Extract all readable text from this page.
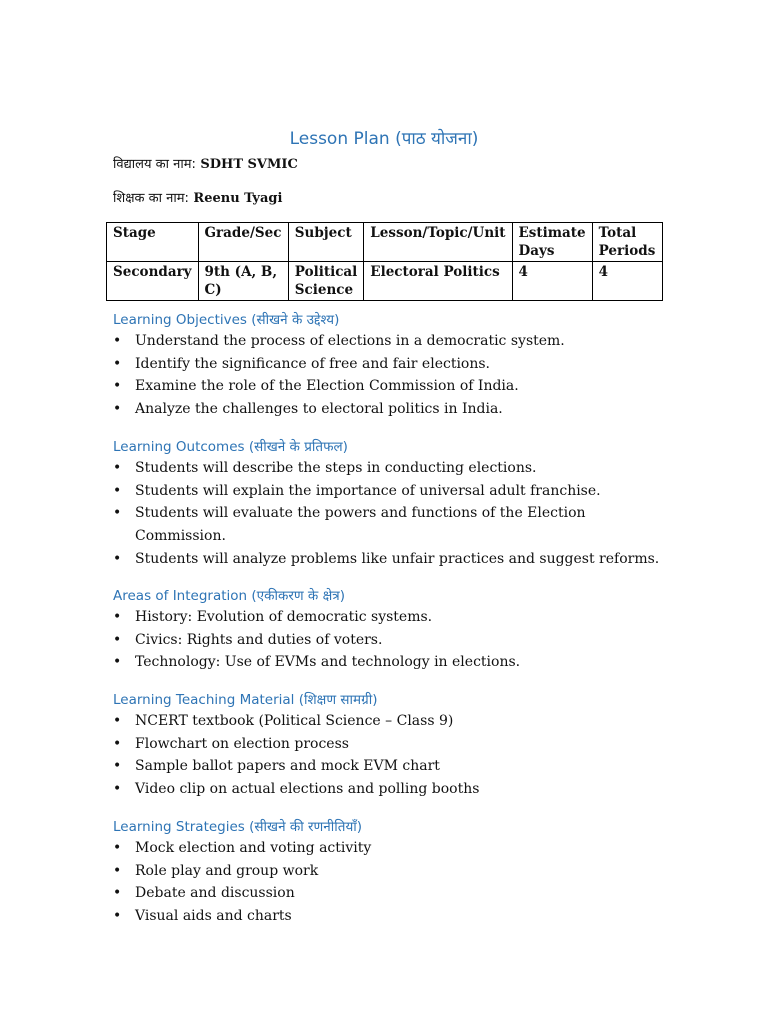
Lesson Plan (पाठ योजना)
विद्यालय का नाम: SDHT SVMIC
शिक्षक का नाम: Reenu Tyagi
Stage	Grade/Sec	Subject	Lesson/Topic/Unit	Estimate Days	Total Periods
Secondary	9th (A, B, C)	Political Science	Electoral Politics	4	4
Learning Objectives (सीखने के उद्देश्य)
• Understand the process of elections in a democratic system.
• Identify the significance of free and fair elections.
• Examine the role of the Election Commission of India.
• Analyze the challenges to electoral politics in India.
Learning Outcomes (सीखने के प्रतिफल)
• Students will describe the steps in conducting elections.
• Students will explain the importance of universal adult franchise.
• Students will evaluate the powers and functions of the Election Commission.
• Students will analyze problems like unfair practices and suggest reforms.
Areas of Integration (एकीकरण के क्षेत्र)
• History: Evolution of democratic systems.
• Civics: Rights and duties of voters.
• Technology: Use of EVMs and technology in elections.
Learning Teaching Material (शिक्षण सामग्री)
• NCERT textbook (Political Science – Class 9)
• Flowchart on election process
• Sample ballot papers and mock EVM chart
• Video clip on actual elections and polling booths
Learning Strategies (सीखने की रणनीतियाँ)
• Mock election and voting activity
• Role play and group work
• Debate and discussion
• Visual aids and charts
